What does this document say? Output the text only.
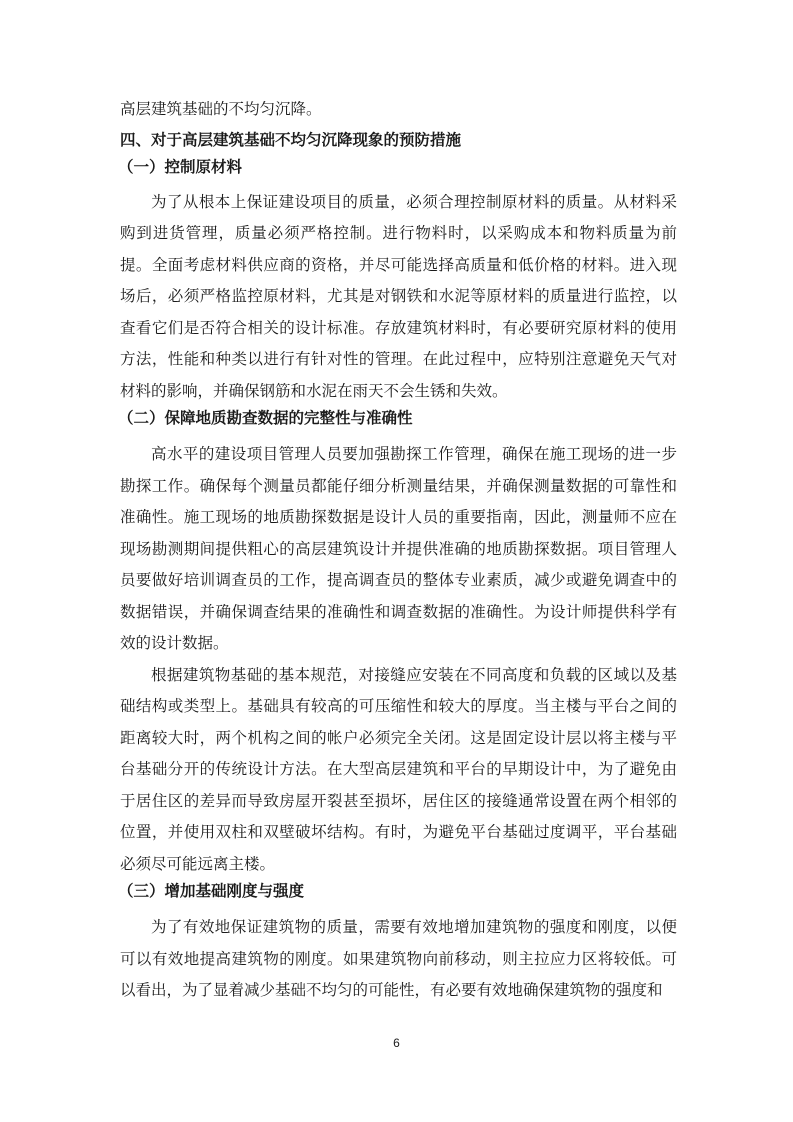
高层建筑基础的不均匀沉降。

四、对于高层建筑基础不均匀沉降现象的预防措施

（一）控制原材料

为了从根本上保证建设项目的质量，必须合理控制原材料的质量。从材料采购到进货管理，质量必须严格控制。进行物料时，以采购成本和物料质量为前提。全面考虑材料供应商的资格，并尽可能选择高质量和低价格的材料。进入现场后，必须严格监控原材料，尤其是对钢铁和水泥等原材料的质量进行监控，以查看它们是否符合相关的设计标准。存放建筑材料时，有必要研究原材料的使用方法，性能和种类以进行有针对性的管理。在此过程中，应特别注意避免天气对材料的影响，并确保钢筋和水泥在雨天不会生锈和失效。

（二）保障地质勘查数据的完整性与准确性

高水平的建设项目管理人员要加强勘探工作管理，确保在施工现场的进一步勘探工作。确保每个测量员都能仔细分析测量结果，并确保测量数据的可靠性和准确性。施工现场的地质勘探数据是设计人员的重要指南，因此，测量师不应在现场勘测期间提供粗心的高层建筑设计并提供准确的地质勘探数据。项目管理人员要做好培训调查员的工作，提高调查员的整体专业素质，减少或避免调查中的数据错误，并确保调查结果的准确性和调查数据的准确性。为设计师提供科学有效的设计数据。

根据建筑物基础的基本规范，对接缝应安装在不同高度和负载的区域以及基础结构或类型上。基础具有较高的可压缩性和较大的厚度。当主楼与平台之间的距离较大时，两个机构之间的帐户必须完全关闭。这是固定设计层以将主楼与平台基础分开的传统设计方法。在大型高层建筑和平台的早期设计中，为了避免由于居住区的差异而导致房屋开裂甚至损坏，居住区的接缝通常设置在两个相邻的位置，并使用双柱和双壁破坏结构。有时，为避免平台基础过度调平，平台基础必须尽可能远离主楼。

（三）增加基础刚度与强度

为了有效地保证建筑物的质量，需要有效地增加建筑物的强度和刚度，以便可以有效地提高建筑物的刚度。如果建筑物向前移动，则主拉应力区将较低。可以看出，为了显着减少基础不均匀的可能性，有必要有效地确保建筑物的强度和

6
